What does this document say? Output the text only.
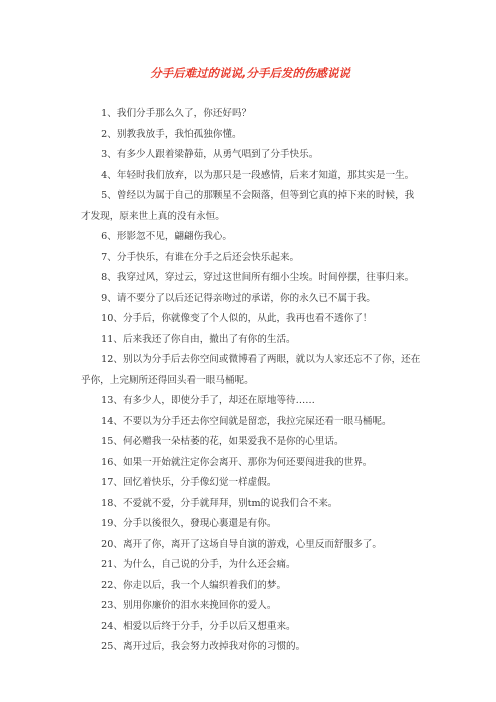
分手后难过的说说,分手后发的伤感说说
1、我们分手那么久了，你还好吗？
2、别教我放手，我怕孤独你懂。
3、有多少人跟着梁静茹，从勇气唱到了分手快乐。
4、年轻时我们放弃，以为那只是一段感情，后来才知道，那其实是一生。
5、曾经以为属于自己的那颗星不会陨落，但等到它真的掉下来的时候，我才发现，原来世上真的没有永恒。
6、形影忽不见，翩翩伤我心。
7、分手快乐，有谁在分手之后还会快乐起来。
8、我穿过风，穿过云，穿过这世间所有细小尘埃。时间停摆，往事归来。
9、请不要分了以后还记得亲吻过的承诺，你的永久已不属于我。
10、分手后，你就像变了个人似的，从此，我再也看不透你了！
11、后来我还了你自由，撤出了有你的生活。
12、别以为分手后去你空间或微博看了两眼，就以为人家还忘不了你，还在乎你，上完厕所还得回头看一眼马桶呢。
13、有多少人，即使分手了，却还在原地等待……
14、不要以为分手还去你空间就是留恋，我拉完屎还看一眼马桶呢。
15、何必赠我一朵枯萎的花，如果爱我不是你的心里话。
16、如果一开始就注定你会离开、那你为何还要闯进我的世界。
17、回忆着快乐，分手像幻觉一样虚假。
18、不爱就不爱，分手就拜拜，别tm的说我们合不来。
19、分手以後很久，發現心裏還是有你。
20、离开了你，离开了这场自导自演的游戏，心里反而舒服多了。
21、为什么，自己说的分手，为什么还会痛。
22、你走以后，我一个人编织着我们的梦。
23、别用你廉价的泪水来挽回你的爱人。
24、相爱以后终于分手，分手以后又想重来。
25、离开过后，我会努力改掉我对你的习惯的。
